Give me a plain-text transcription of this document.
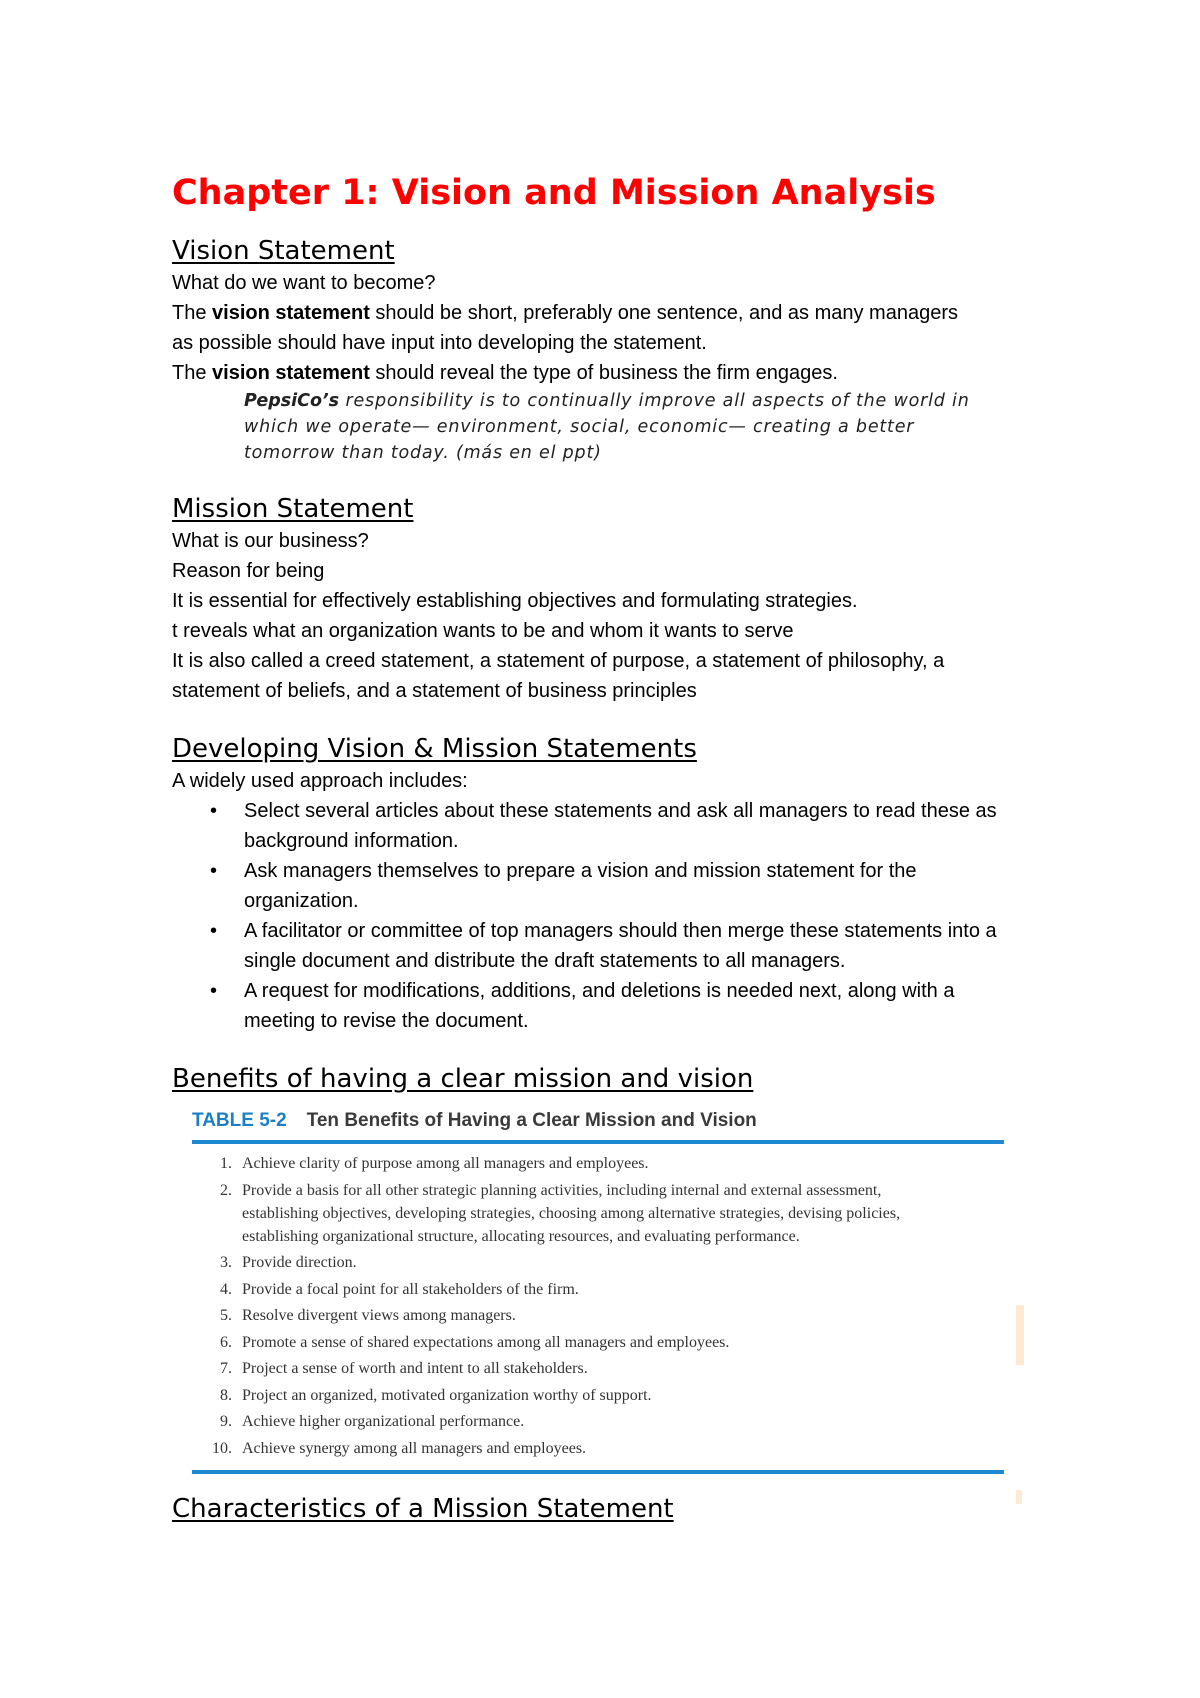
Chapter 1: Vision and Mission Analysis
Vision Statement

What do we want to become?

The vision statement should be short, preferably one sentence, and as many managers

as possible should have input into developing the statement.

The vision statement should reveal the type of business the firm engages.

PepsiCo’s responsibility is to continually improve all aspects of the world in which we operate— environment, social, economic— creating a better tomorrow than today. (más en el ppt)

Mission Statement

What is our business?

Reason for being

It is essential for effectively establishing objectives and formulating strategies.

t reveals what an organization wants to be and whom it wants to serve

It is also called a creed statement, a statement of purpose, a statement of philosophy, a statement of beliefs, and a statement of business principles

Developing Vision & Mission Statements

A widely used approach includes:

• Select several articles about these statements and ask all managers to read these as background information.
• Ask managers themselves to prepare a vision and mission statement for the organization.
• A facilitator or committee of top managers should then merge these statements into a single document and distribute the draft statements to all managers.
• A request for modifications, additions, and deletions is needed next, along with a meeting to revise the document.
Benefits of having a clear mission and vision
TABLE 5-2 Ten Benefits of Having a Clear Mission and Vision
1. Achieve clarity of purpose among all managers and employees.
2. Provide a basis for all other strategic planning activities, including internal and external assessment, establishing objectives, developing strategies, choosing among alternative strategies, devising policies, establishing organizational structure, allocating resources, and evaluating performance.
3. Provide direction.
4. Provide a focal point for all stakeholders of the firm.
5. Resolve divergent views among managers.
6. Promote a sense of shared expectations among all managers and employees.
7. Project a sense of worth and intent to all stakeholders.
8. Project an organized, motivated organization worthy of support.
9. Achieve higher organizational performance.
10. Achieve synergy among all managers and employees.
Characteristics of a Mission Statement
